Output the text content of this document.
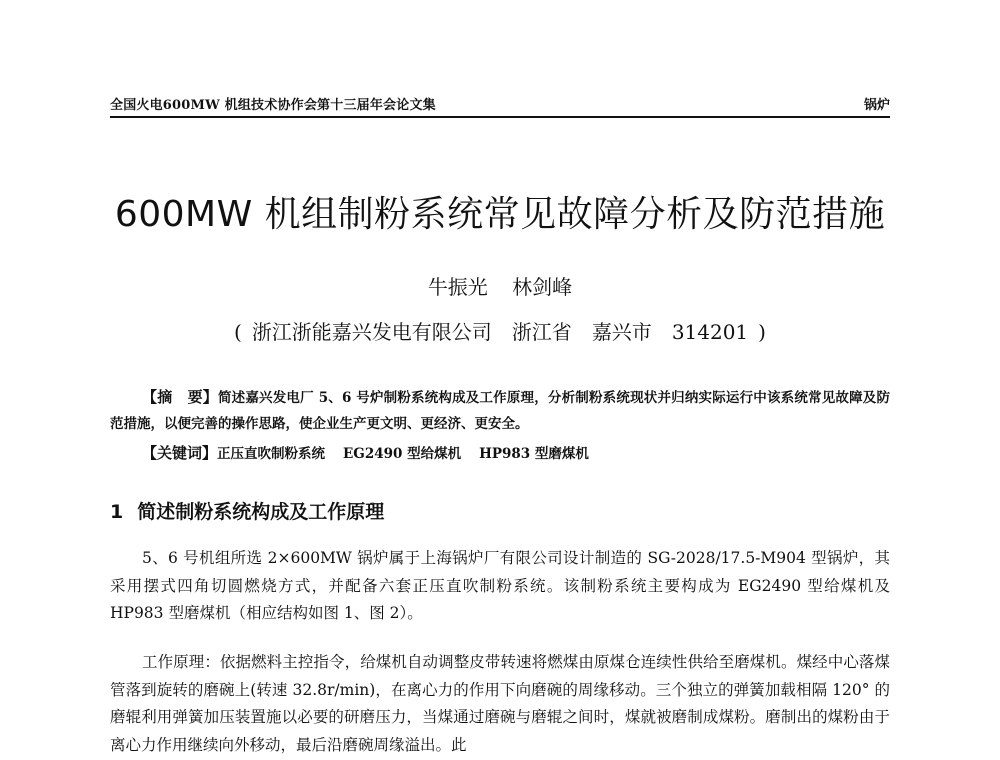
全国火电600MW 机组技术协作会第十三届年会论文集	锅炉
600MW 机组制粉系统常见故障分析及防范措施
牛振光 林剑峰
( 浙江浙能嘉兴发电有限公司 浙江省 嘉兴市 314201 )
【摘　要】简述嘉兴发电厂 5、6 号炉制粉系统构成及工作原理，分析制粉系统现状并归纳实际运行中该系统常见故障及防范措施，以便完善的操作思路，使企业生产更文明、更经济、更安全。
【关键词】正压直吹制粉系统 EG2490 型给煤机 HP983 型磨煤机
1 简述制粉系统构成及工作原理

5、6 号机组所选 2×600MW 锅炉属于上海锅炉厂有限公司设计制造的 SG-2028/17.5-M904 型锅炉，其采用摆式四角切圆燃烧方式，并配备六套正压直吹制粉系统。该制粉系统主要构成为 EG2490 型给煤机及 HP983 型磨煤机（相应结构如图 1、图 2）。

工作原理：依据燃料主控指令，给煤机自动调整皮带转速将燃煤由原煤仓连续性供给至磨煤机。煤经中心落煤管落到旋转的磨碗上(转速 32.8r/min)，在离心力的作用下向磨碗的周缘移动。三个独立的弹簧加载相隔 120° 的磨辊利用弹簧加压装置施以必要的研磨压力，当煤通过磨碗与磨辊之间时，煤就被磨制成煤粉。磨制出的煤粉由于离心力作用继续向外移动，最后沿磨碗周缘溢出。此
